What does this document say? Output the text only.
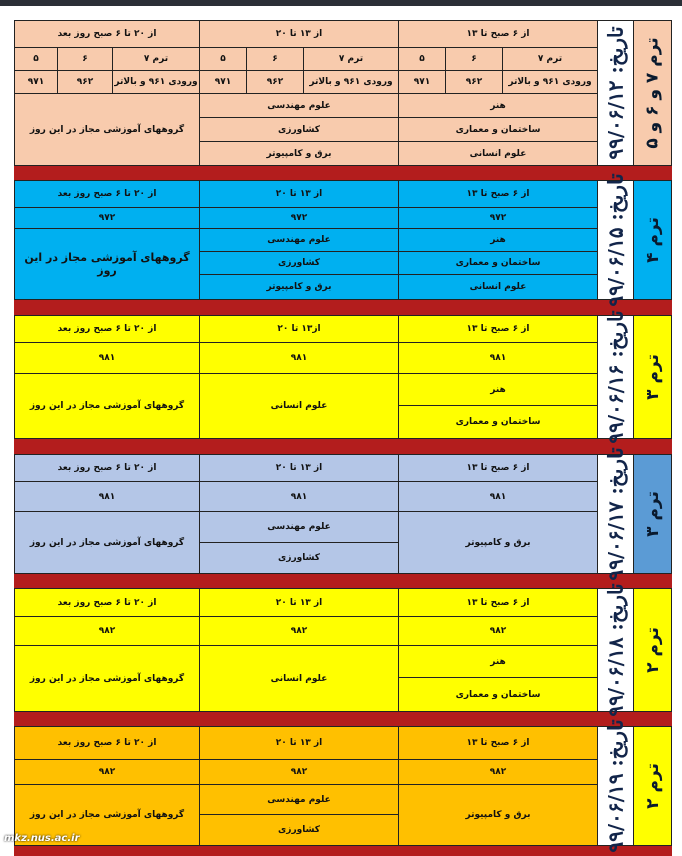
ترم ۷ و ۶ و ۵
۹۹/۰۶/۱۲ :تاریخ
از ۶ صبح تا ۱۳
از ۱۳ تا ۲۰
از ۲۰ تا ۶ صبح روز بعد
ترم ۷
۶
۵
ترم ۷
۶
۵
ترم ۷
۶
۵
ورودی ۹۶۱ و بالاتر
۹۶۲
۹۷۱
ورودی ۹۶۱ و بالاتر
۹۶۲
۹۷۱
ورودی ۹۶۱ و بالاتر
۹۶۲
۹۷۱
هنر
ساختمان و معماری
علوم انسانی
علوم مهندسی
کشاورزی
برق و کامپیوتر
گروههای آموزشی مجاز در این روز
ترم ۴
۹۹/۰۶/۱۵ :تاریخ
از ۶ صبح تا ۱۳
از ۱۳ تا ۲۰
از ۲۰ تا ۶ صبح روز بعد
۹۷۲
۹۷۲
۹۷۲
هنر
ساختمان و معماری
علوم انسانی
علوم مهندسی
کشاورزی
برق و کامپیوتر
گروههای آموزشی مجاز در این روز
ترم ۳
۹۹/۰۶/۱۶ :تاریخ
از ۶ صبح تا ۱۳
از۱۳ تا ۲۰
از ۲۰ تا ۶ صبح روز بعد
۹۸۱
۹۸۱
۹۸۱
هنر
ساختمان و معماری
علوم انسانی
گروههای آموزشی مجاز در این روز
ترم ۳
۹۹/۰۶/۱۷ :تاریخ
از ۶ صبح تا ۱۳
از ۱۳ تا ۲۰
از ۲۰ تا ۶ صبح روز بعد
۹۸۱
۹۸۱
۹۸۱
برق و کامپیوتر
علوم مهندسی
کشاورزی
گروههای آموزشی مجاز در این روز
ترم ۲
۹۹/۰۶/۱۸ :تاریخ
از ۶ صبح تا ۱۳
از ۱۳ تا ۲۰
از ۲۰ تا ۶ صبح روز بعد
۹۸۲
۹۸۲
۹۸۲
هنر
ساختمان و معماری
علوم انسانی
گروههای آموزشی مجاز در این روز
ترم ۲
۹۹/۰۶/۱۹ :تاریخ
از ۶ صبح تا ۱۳
از ۱۳ تا ۲۰
از ۲۰ تا ۶ صبح روز بعد
۹۸۲
۹۸۲
۹۸۲
برق و کامپیوتر
علوم مهندسی
کشاورزی
گروههای آموزشی مجاز در این روز
mkz.nus.ac.ir
